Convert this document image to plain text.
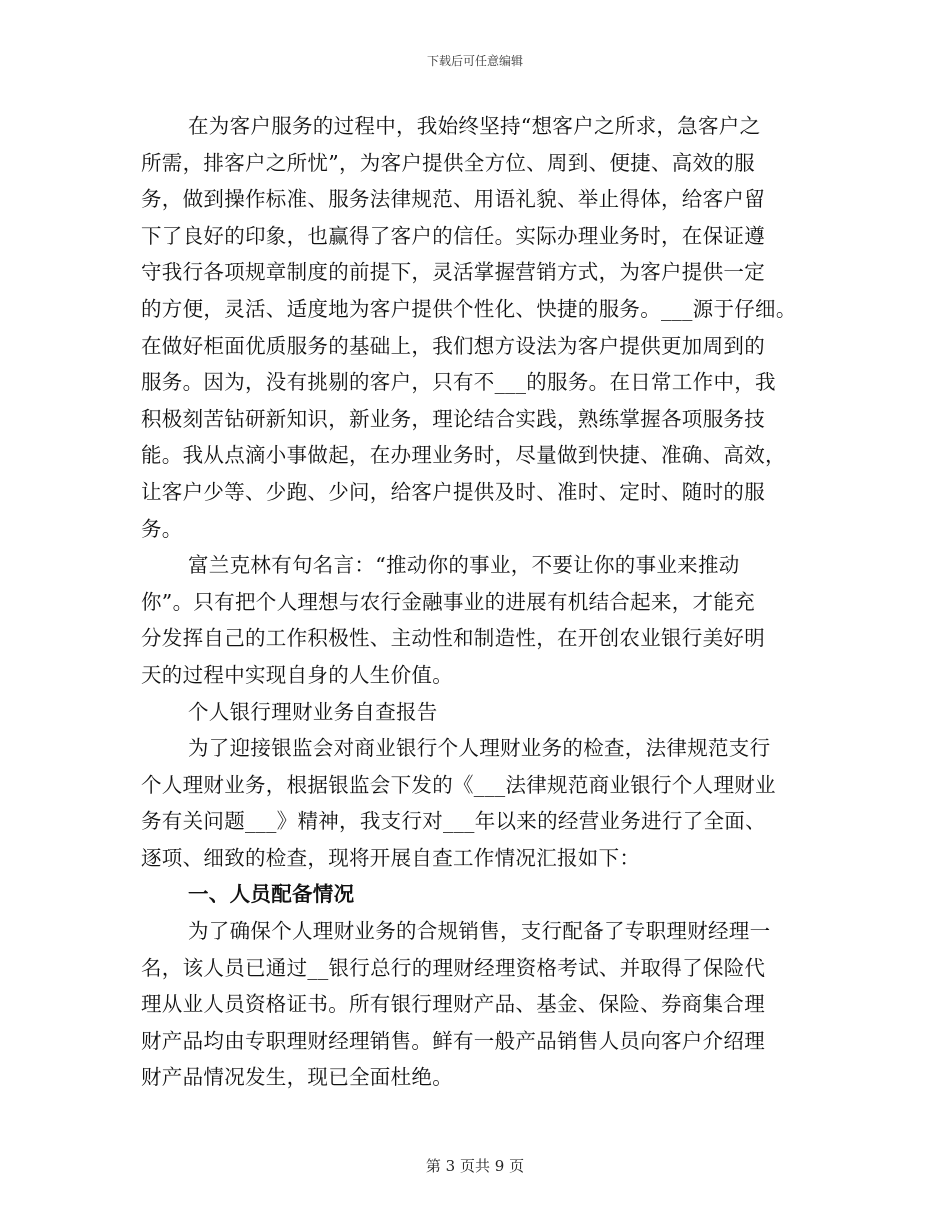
下载后可任意编辑
在为客户服务的过程中，我始终坚持“想客户之所求，急客户之
所需，排客户之所忧”，为客户提供全方位、周到、便捷、高效的服
务，做到操作标准、服务法律规范、用语礼貌、举止得体，给客户留
下了良好的印象，也赢得了客户的信任。实际办理业务时，在保证遵
守我行各项规章制度的前提下，灵活掌握营销方式，为客户提供一定
的方便，灵活、适度地为客户提供个性化、快捷的服务。___源于仔细。
在做好柜面优质服务的基础上，我们想方设法为客户提供更加周到的
服务。因为，没有挑剔的客户，只有不___的服务。在日常工作中，我
积极刻苦钻研新知识，新业务，理论结合实践，熟练掌握各项服务技
能。我从点滴小事做起，在办理业务时，尽量做到快捷、准确、高效，
让客户少等、少跑、少问，给客户提供及时、准时、定时、随时的服
务。
富兰克林有句名言：“推动你的事业，不要让你的事业来推动
你”。只有把个人理想与农行金融事业的进展有机结合起来，才能充
分发挥自己的工作积极性、主动性和制造性，在开创农业银行美好明
天的过程中实现自身的人生价值。
个人银行理财业务自查报告
为了迎接银监会对商业银行个人理财业务的检查，法律规范支行
个人理财业务，根据银监会下发的《___法律规范商业银行个人理财业
务有关问题___》精神，我支行对___年以来的经营业务进行了全面、
逐项、细致的检查，现将开展自查工作情况汇报如下：
一、人员配备情况
为了确保个人理财业务的合规销售，支行配备了专职理财经理一
名，该人员已通过__银行总行的理财经理资格考试、并取得了保险代
理从业人员资格证书。所有银行理财产品、基金、保险、券商集合理
财产品均由专职理财经理销售。鲜有一般产品销售人员向客户介绍理
财产品情况发生，现已全面杜绝。
第 3 页共 9 页
